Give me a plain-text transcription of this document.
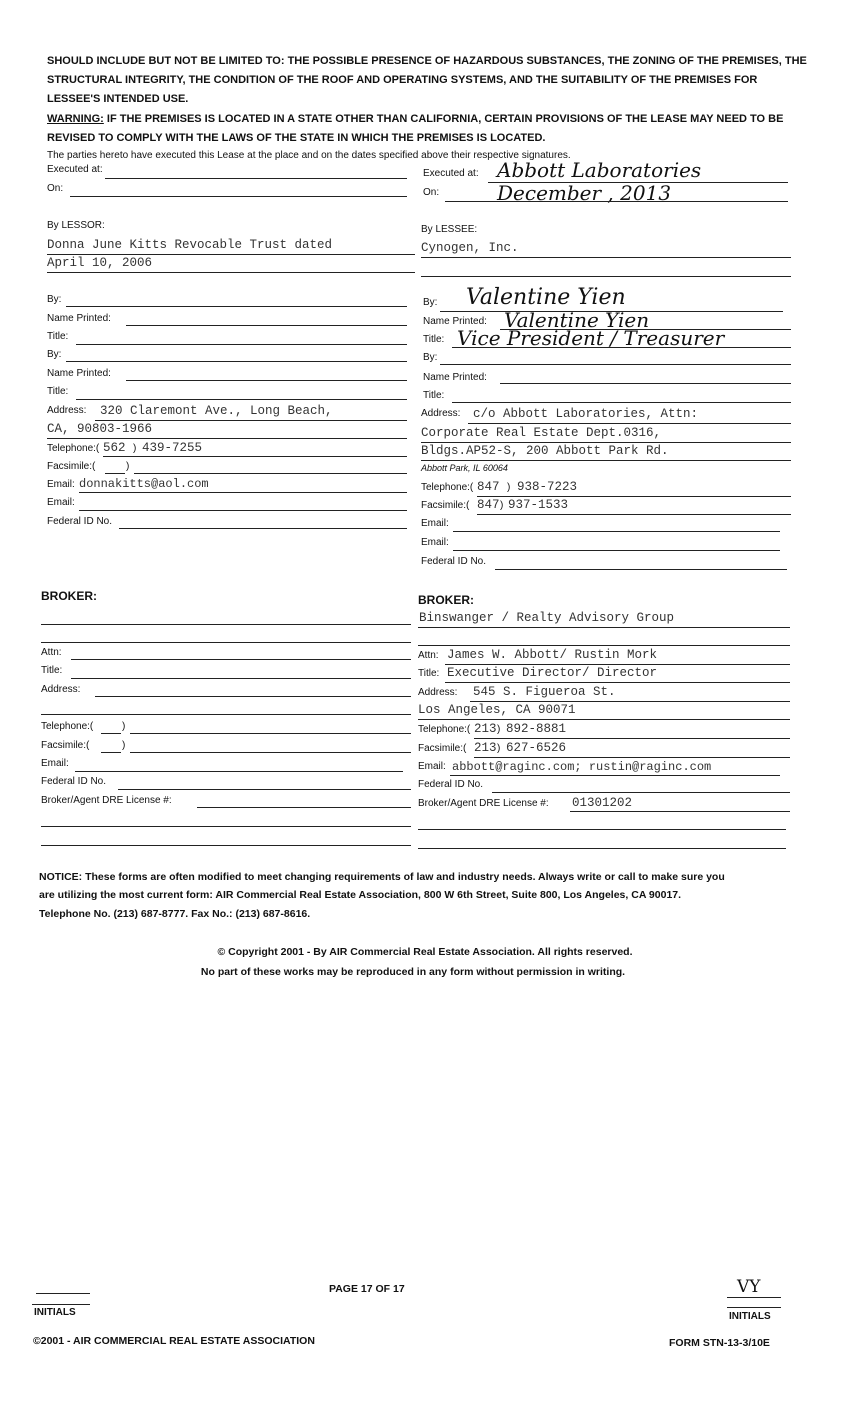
SHOULD INCLUDE BUT NOT BE LIMITED TO: THE POSSIBLE PRESENCE OF HAZARDOUS SUBSTANCES, THE ZONING OF THE PREMISES, THE STRUCTURAL INTEGRITY, THE CONDITION OF THE ROOF AND OPERATING SYSTEMS, AND THE SUITABILITY OF THE PREMISES FOR LESSEE'S INTENDED USE.
WARNING: IF THE PREMISES IS LOCATED IN A STATE OTHER THAN CALIFORNIA, CERTAIN PROVISIONS OF THE LEASE MAY NEED TO BE REVISED TO COMPLY WITH THE LAWS OF THE STATE IN WHICH THE PREMISES IS LOCATED.
The parties hereto have executed this Lease at the place and on the dates specified above their respective signatures.
Executed at:
On:
Executed at: Abbott Laboratories
On:	December , 2013
By LESSOR:
Donna June Kitts Revocable Trust dated
April 10, 2006
By LESSEE:
Cynogen, Inc.
By:
Name Printed:
Title:
By:
Name Printed:
Title:
Address: 320 Claremont Ave., Long Beach,
CA, 90803-1966
Telephone:( 562 ) 439-7255
Facsimile:(	)
Email: donnakitts@aol.com
Email:
Federal ID No.
By: Valentine Yien
Name Printed: Valentine Yien
Title: Vice President / Treasurer
By:
Name Printed:
Title:
Address: c/o Abbott Laboratories, Attn:
Corporate Real Estate Dept.0316,
Bldgs.AP52-S, 200 Abbott Park Rd.
Abbott Park, IL 60064
Telephone:( 847 ) 938-7223
Facsimile:( 847 ) 937-1533
Email:
Email:
Federal ID No.
BROKER:
Attn:
Title:
Address:
Telephone:(	)
Facsimile:(	)
Email:
Federal ID No.
Broker/Agent DRE License #:
BROKER:
Binswanger / Realty Advisory Group
Attn: James W. Abbott/ Rustin Mork
Title: Executive Director/ Director
Address: 545 S. Figueroa St.
Los Angeles, CA 90071
Telephone:( 213 ) 892-8881
Facsimile:( 213 ) 627-6526
Email: abbott@raginc.com; rustin@raginc.com
Federal ID No.
Broker/Agent DRE License #: 01301202
NOTICE: These forms are often modified to meet changing requirements of law and industry needs. Always write or call to make sure you
are utilizing the most current form: AIR Commercial Real Estate Association, 800 W 6th Street, Suite 800, Los Angeles, CA 90017.
Telephone No. (213) 687-8777. Fax No.: (213) 687-8616.
© Copyright 2001 - By AIR Commercial Real Estate Association. All rights reserved.
No part of these works may be reproduced in any form without permission in writing.
INITIALS
PAGE 17 OF 17	VY
INITIALS
©2001 - AIR COMMERCIAL REAL ESTATE ASSOCIATION	FORM STN-13-3/10E
